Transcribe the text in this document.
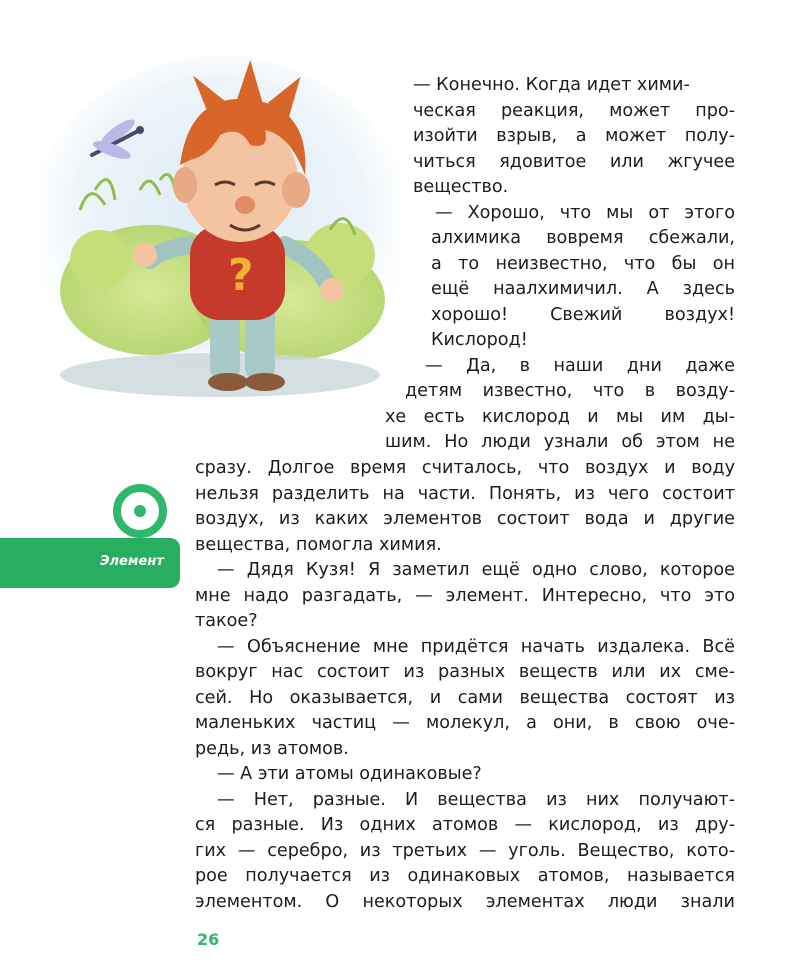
?
— Конечно. Когда идет хими-
ческая реакция, может про-
изойти взрыв, а может полу-
читься ядовитое или жгучее
вещество.
— Хорошо, что мы от этого
алхимика вовремя сбежали,
а то неизвестно, что бы он
ещё наалхимичил. А здесь
хорошо! Свежий воздух!
Кислород!
— Да, в наши дни даже
детям известно, что в возду-
хе есть кислород и мы им ды-
шим. Но люди узнали об этом не
сразу. Долгое время считалось, что воздух и воду
нельзя разделить на части. Понять, из чего состоит
воздух, из каких элементов состоит вода и другие
вещества, помогла химия.
— Дядя Кузя! Я заметил ещё одно слово, которое
мне надо разгадать, — элемент. Интересно, что это
такое?
— Объяснение мне придётся начать издалека. Всё
вокруг нас состоит из разных веществ или их сме-
сей. Но оказывается, и сами вещества состоят из
маленьких частиц — молекул, а они, в свою оче-
редь, из атомов.
— А эти атомы одинаковые?
— Нет, разные. И вещества из них получают-
ся разные. Из одних атомов — кислород, из дру-
гих — серебро, из третьих — уголь. Вещество, кото-
рое получается из одинаковых атомов, называется
элементом. О некоторых элементах люди знали
Элемент
26
